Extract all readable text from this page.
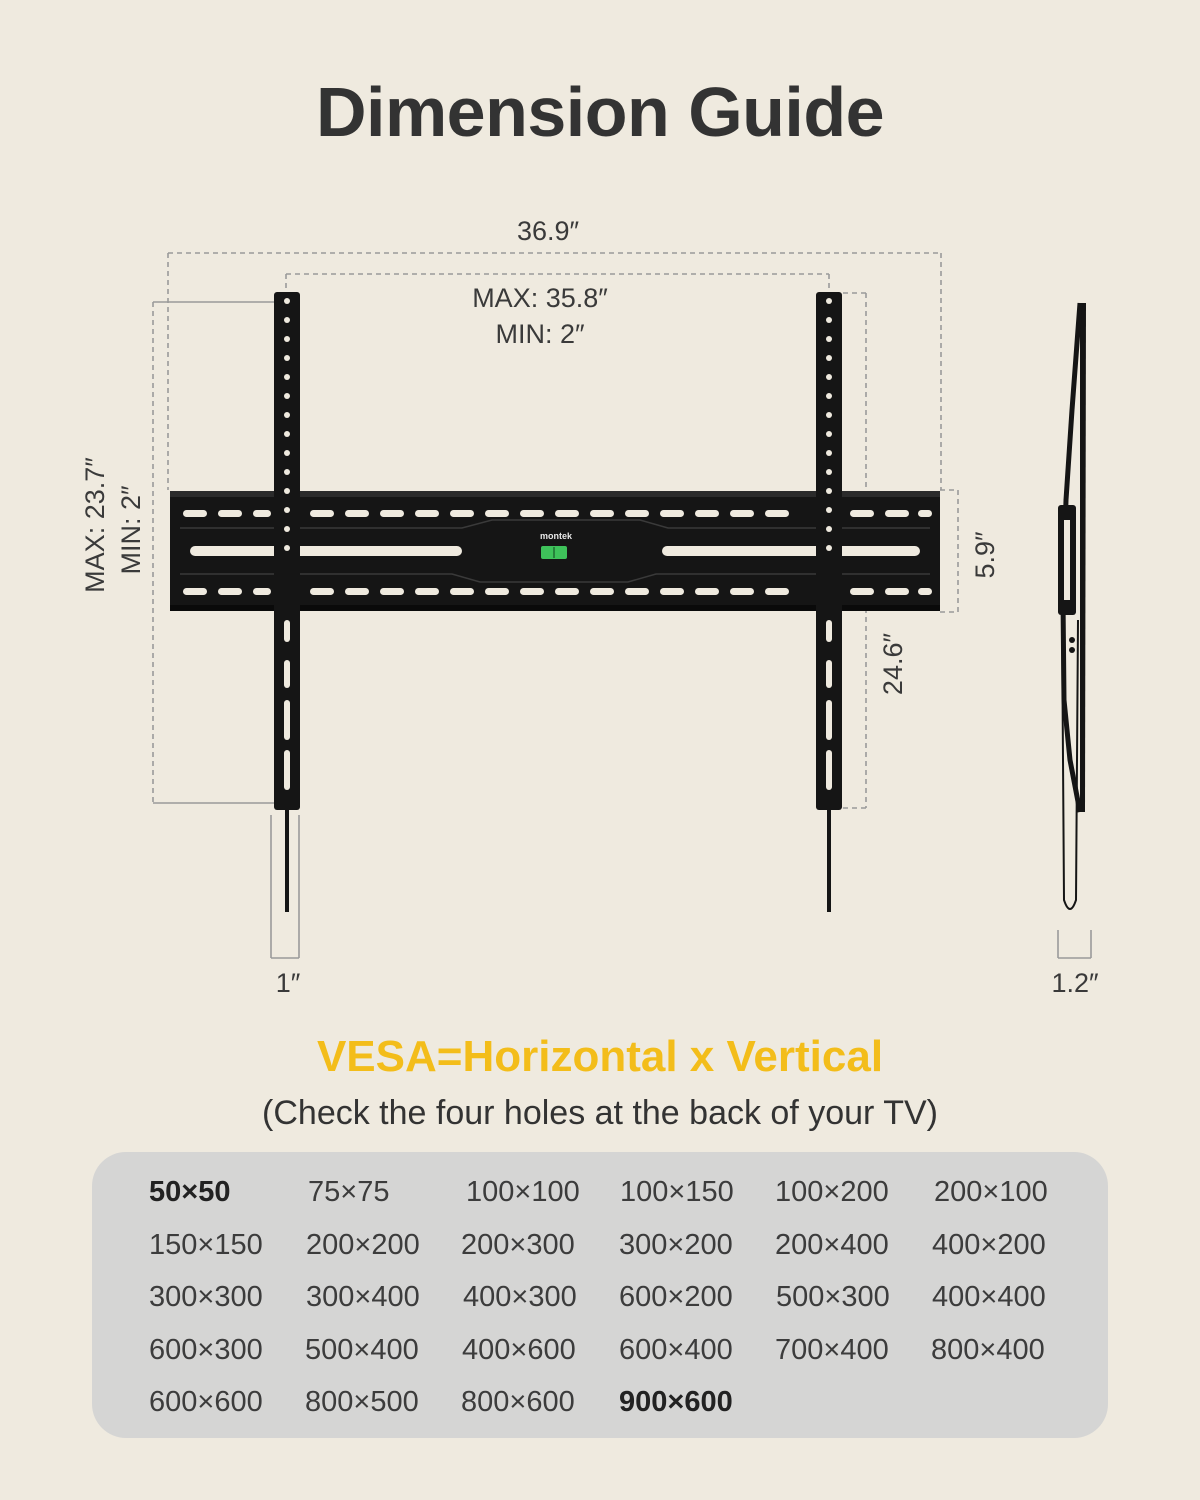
Dimension Guide
montek
36.9″
MAX: 35.8″
MIN: 2″
MAX: 23.7″ MIN: 2″	5.9″
24.6″
1″	1.2″
VESA=Horizontal x Vertical
(Check the four holes at the back of your TV)
50×50	75×75	100×100 100×150 100×200 200×100
150×150 200×200 200×300 300×200 200×400 400×200
300×300 300×400 400×300 600×200 500×300 400×400
600×300 500×400 400×600 600×400 700×400 800×400
600×600 800×500 800×600 900×600
